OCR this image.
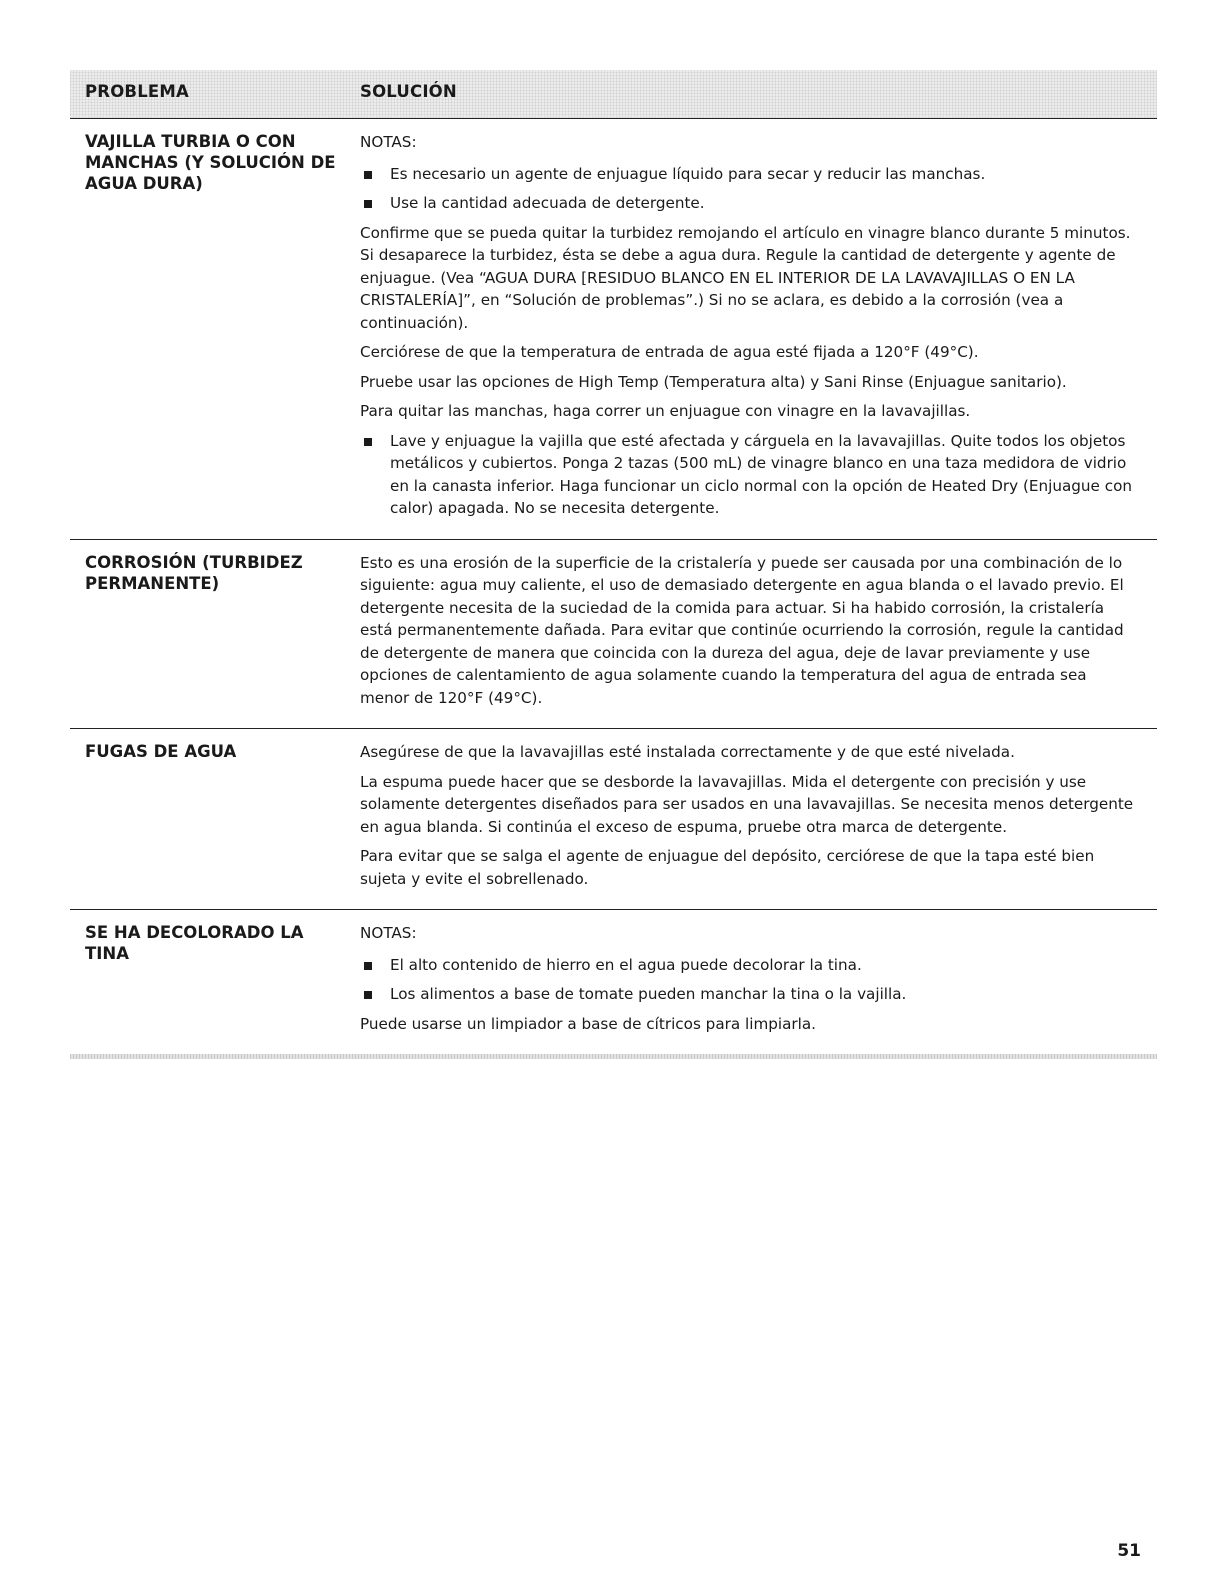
PROBLEMA	SOLUCIÓN
VAJILLA TURBIA O CON MANCHAS (Y SOLUCIÓN DE AGUA DURA)

NOTAS:

Es necesario un agente de enjuague líquido para secar y reducir las manchas.

Use la cantidad adecuada de detergente.

Confirme que se pueda quitar la turbidez remojando el artículo en vinagre blanco durante 5 minutos. Si desaparece la turbidez, ésta se debe a agua dura. Regule la cantidad de detergente y agente de enjuague. (Vea “AGUA DURA [RESIDUO BLANCO EN EL INTERIOR DE LA LAVAVAJILLAS O EN LA CRISTALERÍA]”, en “Solución de problemas”.) Si no se aclara, es debido a la corrosión (vea a continuación).

Cerciórese de que la temperatura de entrada de agua esté fijada a 120°F (49°C).

Pruebe usar las opciones de High Temp (Temperatura alta) y Sani Rinse (Enjuague sanitario).

Para quitar las manchas, haga correr un enjuague con vinagre en la lavavajillas.

Lave y enjuague la vajilla que esté afectada y cárguela en la lavavajillas. Quite todos los objetos metálicos y cubiertos. Ponga 2 tazas (500 mL) de vinagre blanco en una taza medidora de vidrio en la canasta inferior. Haga funcionar un ciclo normal con la opción de Heated Dry (Enjuague con calor) apagada. No se necesita detergente.

CORROSIÓN (TURBIDEZ PERMANENTE)

Esto es una erosión de la superficie de la cristalería y puede ser causada por una combinación de lo siguiente: agua muy caliente, el uso de demasiado detergente en agua blanda o el lavado previo. El detergente necesita de la suciedad de la comida para actuar. Si ha habido corrosión, la cristalería está permanentemente dañada. Para evitar que continúe ocurriendo la corrosión, regule la cantidad de detergente de manera que coincida con la dureza del agua, deje de lavar previamente y use opciones de calentamiento de agua solamente cuando la temperatura del agua de entrada sea menor de 120°F (49°C).

FUGAS DE AGUA	Asegúrese de que la lavavajillas esté instalada correctamente y de que esté nivelada.

La espuma puede hacer que se desborde la lavavajillas. Mida el detergente con precisión y use solamente detergentes diseñados para ser usados en una lavavajillas. Se necesita menos detergente en agua blanda. Si continúa el exceso de espuma, pruebe otra marca de detergente.

Para evitar que se salga el agente de enjuague del depósito, cerciórese de que la tapa esté bien sujeta y evite el sobrellenado.

SE HA DECOLORADO LA TINA

NOTAS:

El alto contenido de hierro en el agua puede decolorar la tina.

Los alimentos a base de tomate pueden manchar la tina o la vajilla.

Puede usarse un limpiador a base de cítricos para limpiarla.

51
